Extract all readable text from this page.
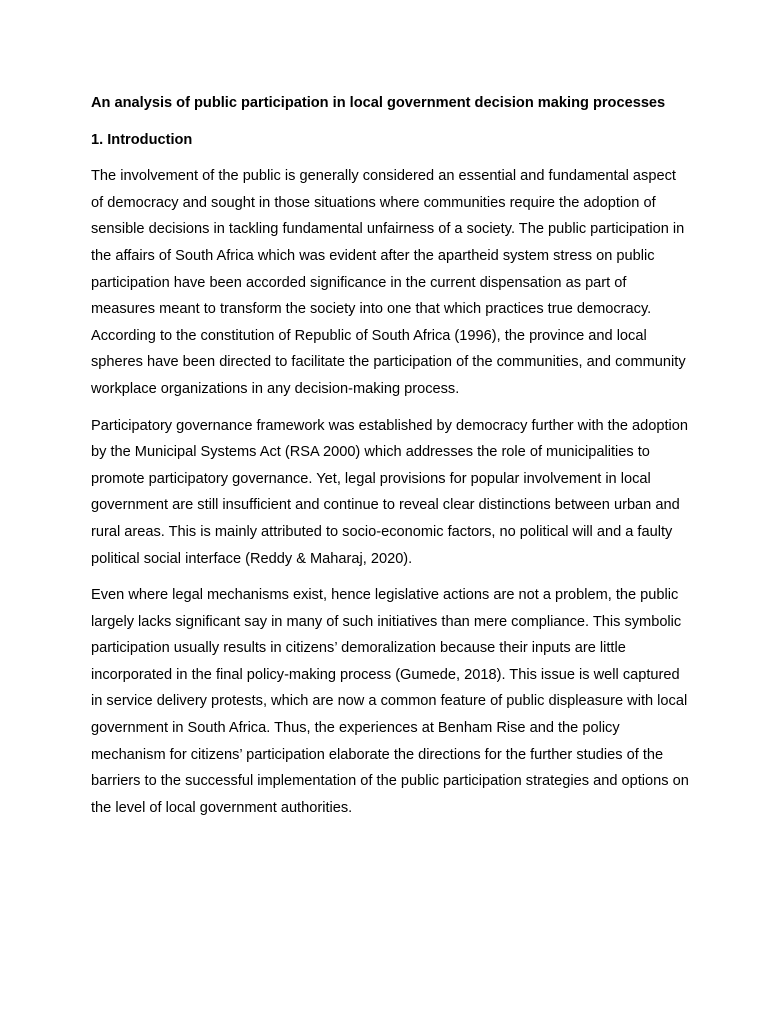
An analysis of public participation in local government decision making processes

1. Introduction

The involvement of the public is generally considered an essential and fundamental aspect of democracy and sought in those situations where communities require the adoption of sensible decisions in tackling fundamental unfairness of a society. The public participation in the affairs of South Africa which was evident after the apartheid system stress on public participation have been accorded significance in the current dispensation as part of measures meant to transform the society into one that which practices true democracy. According to the constitution of Republic of South Africa (1996), the province and local spheres have been directed to facilitate the participation of the communities, and community workplace organizations in any decision-making process.

Participatory governance framework was established by democracy further with the adoption by the Municipal Systems Act (RSA 2000) which addresses the role of municipalities to promote participatory governance. Yet, legal provisions for popular involvement in local government are still insufficient and continue to reveal clear distinctions between urban and rural areas. This is mainly attributed to socio-economic factors, no political will and a faulty political social interface (Reddy & Maharaj, 2020).

Even where legal mechanisms exist, hence legislative actions are not a problem, the public largely lacks significant say in many of such initiatives than mere compliance. This symbolic participation usually results in citizens’ demoralization because their inputs are little incorporated in the final policy-making process (Gumede, 2018). This issue is well captured in service delivery protests, which are now a common feature of public displeasure with local government in South Africa. Thus, the experiences at Benham Rise and the policy mechanism for citizens’ participation elaborate the directions for the further studies of the barriers to the successful implementation of the public participation strategies and options on the level of local government authorities.
